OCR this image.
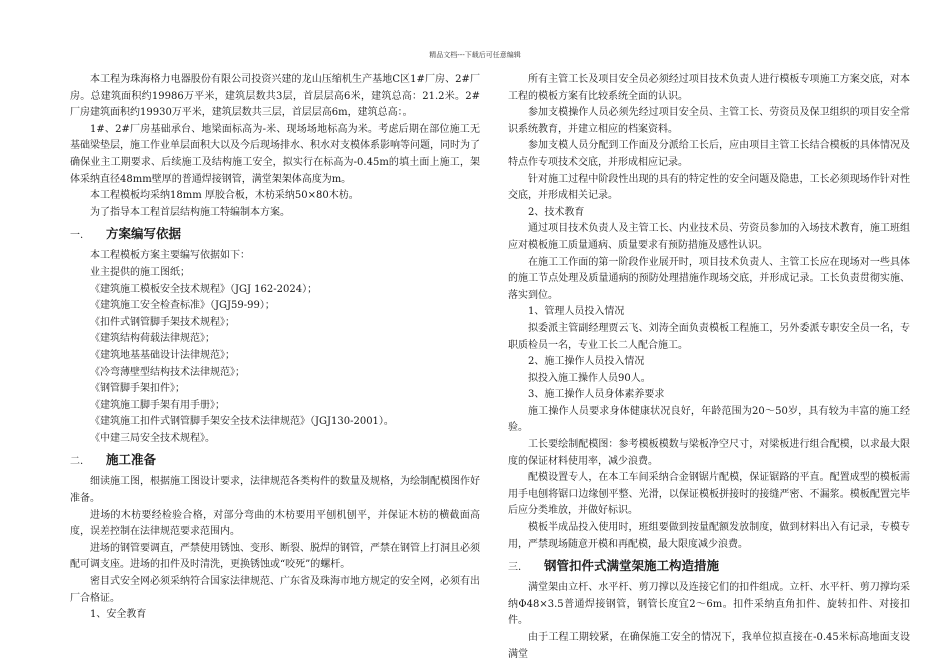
精品文档---下载后可任意编辑

本工程为珠海格力电器股份有限公司投资兴建的龙山压缩机生产基地C区1#厂房、2#厂房。总建筑面积约19986万平米，建筑层数共3层，首层层高6米，建筑总高：21.2米。2#厂房建筑面积约19930万平米，建筑层数共三层，首层层高6m，建筑总高：。

1#、2#厂房基础承台、地梁面标高为-米、现场场地标高为米。考虑后期在部位施工无基础梁垫层，施工作业单层面积大以及今后现场排水、积水对支模体系影响等问题，同时为了确保业主工期要求、后续施工及结构施工安全，拟实行在标高为-0.45m的填土面上施工，架体采纳直径48mm壁厚的普通焊接钢管，满堂架架体高度为m。

本工程模板均采纳18mm 厚胶合板，木枋采纳50×80木枋。

为了指导本工程首层结构施工特编制本方案。

一. 方案编写依据

本工程模板方案主要编写依据如下：

业主提供的施工图纸；

《建筑施工模板安全技术规程》（JGJ 162-2024）；

《建筑施工安全检查标准》（JGJ59-99）；

《扣件式钢管脚手架技术规程》；

《建筑结构荷载法律规范》；

《建筑地基基础设计法律规范》；

《冷弯薄壁型结构技术法律规范》；

《钢管脚手架扣件》；

《建筑施工脚手架有用手册》；

《建筑施工扣件式钢管脚手架安全技术法律规范》（JGJ130-2001）。

《中建三局安全技术规程》。

二. 施工准备

细读施工图，根据施工图设计要求，法律规范各类构件的数量及规格，为绘制配模图作好准备。

进场的木枋要经检验合格，对部分弯曲的木枋要用平刨机刨平，并保证木枋的横截面高度，误差控制在法律规范要求范围内。

进场的钢管要调直，严禁使用锈蚀、变形、断裂、脱焊的钢管，严禁在钢管上打洞且必须配可调支座。进场的扣件及时清洗，更换锈蚀或“咬死”的螺杆。

密目式安全网必须采纳符合国家法律规范、广东省及珠海市地方规定的安全网，必须有出厂合格证。

1、安全教育

所有主管工长及项目安全员必须经过项目技术负责人进行模板专项施工方案交底，对本工程的模板方案有比较系统全面的认识。

参加支模操作人员必须先经过项目安全员、主管工长、劳资员及保卫组织的项目安全常识系统教育，并建立相应的档案资料。

参加支模人员分配到工作面及分派给工长后，应由项目主管工长结合模板的具体情况及特点作专项技术交底，并形成相应记录。

针对施工过程中阶段性出现的具有的特定性的安全问题及隐患，工长必须现场作针对性交底，并形成相关记录。

2、技术教育

通过项目技术负责人及主管工长、内业技术员、劳资员参加的入场技术教育，施工班组应对模板施工质量通病、质量要求有预防措施及感性认识。

在施工工作面的第一阶段作业展开时，项目技术负责人、主管工长应在现场对一些具体的施工节点处理及质量通病的预防处理措施作现场交底，并形成记录。工长负责贯彻实施、落实到位。

1、管理人员投入情况

拟委派主管副经理贾云飞、刘涛全面负责模板工程施工，另外委派专职安全员一名，专职质检员一名，专业工长二人配合施工。

2、施工操作人员投入情况

拟投入施工操作人员90人。

3、施工操作人员身体素养要求

施工操作人员要求身体健康状况良好，年龄范围为20～50岁，具有较为丰富的施工经验。

工长要绘制配模图：参考模板模数与梁板净空尺寸，对梁板进行组合配模，以求最大限度的保证材料使用率，减少浪费。

配模设置专人，在本工车间采纳合金钢锯片配模，保证锯路的平直。配置成型的模板需用手电刨将锯口边缘刨平整、光滑，以保证模板拼接时的接缝严密、不漏浆。模板配置完毕后应分类堆放，并做好标识。

模板半成品投入使用时，班组要做到按量配额发放制度，做到材料出入有记录，专模专用，严禁现场随意开模和再配模，最大限度减少浪费。

三. 钢管扣件式满堂架施工构造措施

满堂架由立杆、水平杆、剪刀撑以及连接它们的扣件组成。立杆、水平杆、剪刀撑均采纳Φ48×3.5普通焊接钢管，钢管长度宜2～6m。扣件采纳直角扣件、旋转扣件、对接扣件。

由于工程工期较紧，在确保施工安全的情况下，我单位拟直接在-0.45米标高地面支设满堂
